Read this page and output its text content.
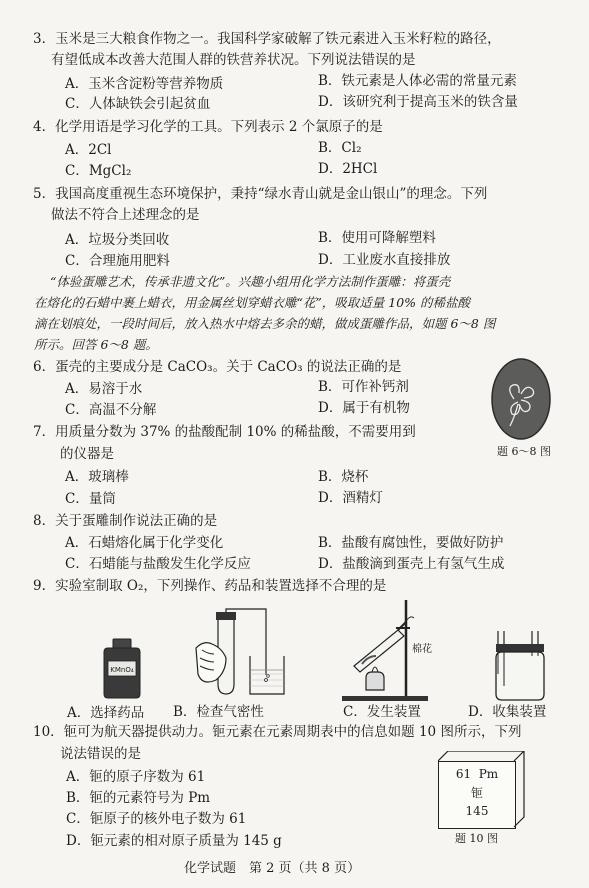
3．玉米是三大粮食作物之一。我国科学家破解了铁元素进入玉米籽粒的路径，
有望低成本改善大范围人群的铁营养状况。下列说法错误的是
A．玉米含淀粉等营养物质	B．铁元素是人体必需的常量元素
C．人体缺铁会引起贫血	D．该研究利于提高玉米的铁含量
4．化学用语是学习化学的工具。下列表示 2 个氯原子的是
A．2Cl	B．Cl₂
C．MgCl₂	D．2HCl
5．我国高度重视生态环境保护，秉持“绿水青山就是金山银山”的理念。下列
做法不符合上述理念的是
A．垃圾分类回收	B．使用可降解塑料
C．合理施用肥料	D．工业废水直接排放
“体验蛋雕艺术，传承非遗文化”。兴趣小组用化学方法制作蛋雕：将蛋壳
在熔化的石蜡中裹上蜡衣，用金属丝划穿蜡衣雕“花”，吸取适量 10% 的稀盐酸
滴在划痕处，一段时间后，放入热水中熔去多余的蜡，做成蛋雕作品，如题 6～8 图
所示。回答 6～8 题。
6．蛋壳的主要成分是 CaCO₃。关于 CaCO₃ 的说法正确的是
A．易溶于水	B．可作补钙剂
C．高温不分解	D．属于有机物
题 6～8 图
7．用质量分数为 37% 的盐酸配制 10% 的稀盐酸，不需要用到
的仪器是
A．玻璃棒	B．烧杯
C．量筒	D．酒精灯
8．关于蛋雕制作说法正确的是
A．石蜡熔化属于化学变化	B．盐酸有腐蚀性，要做好防护
C．石蜡能与盐酸发生化学反应	D．盐酸滴到蛋壳上有氢气生成
9．实验室制取 O₂，下列操作、药品和装置选择不合理的是
KMnO₄
棉花
A．选择药品 B．检查气密性	C．发生装置	D．收集装置
10．钷可为航天器提供动力。钷元素在元素周期表中的信息如题 10 图所示，下列
说法错误的是
A．钷的原子序数为 61
B．钷的元素符号为 Pm
C．钷原子的核外电子数为 61
D．钷元素的相对原子质量为 145 g
61 Pm
钷
145
题 10 图
化学试题　第 2 页（共 8 页）
